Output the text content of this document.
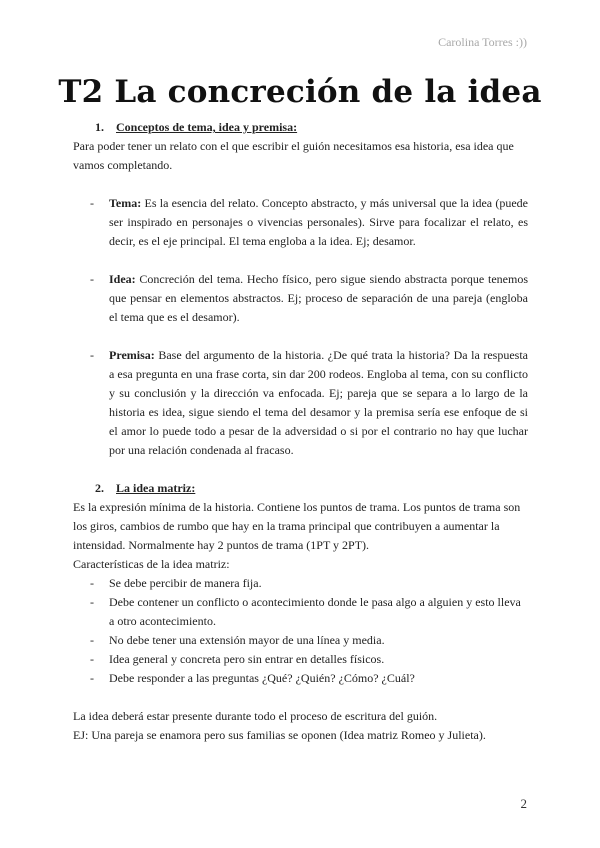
Carolina Torres :))
T2 La concreción de la idea
1. Conceptos de tema, idea y premisa:

Para poder tener un relato con el que escribir el guión necesitamos esa historia, esa idea que vamos completando.

- Tema: Es la esencia del relato. Concepto abstracto, y más universal que la idea (puede ser inspirado en personajes o vivencias personales). Sirve para focalizar el relato, es decir, es el eje principal. El tema engloba a la idea. Ej; desamor.
- Idea: Concreción del tema. Hecho físico, pero sigue siendo abstracta porque tenemos que pensar en elementos abstractos. Ej; proceso de separación de una pareja (engloba el tema que es el desamor).
- Premisa: Base del argumento de la historia. ¿De qué trata la historia? Da la respuesta a esa pregunta en una frase corta, sin dar 200 rodeos. Engloba al tema, con su conflicto y su conclusión y la dirección va enfocada. Ej; pareja que se separa a lo largo de la historia es idea, sigue siendo el tema del desamor y la premisa sería ese enfoque de si el amor lo puede todo a pesar de la adversidad o si por el contrario no hay que luchar por una relación condenada al fracaso.
2. La idea matriz:

Es la expresión mínima de la historia. Contiene los puntos de trama. Los puntos de trama son los giros, cambios de rumbo que hay en la trama principal que contribuyen a aumentar la intensidad. Normalmente hay 2 puntos de trama (1PT y 2PT).

Características de la idea matriz:

- Se debe percibir de manera fija.
- Debe contener un conflicto o acontecimiento donde le pasa algo a alguien y esto lleva a otro acontecimiento.
- No debe tener una extensión mayor de una línea y media.
- Idea general y concreta pero sin entrar en detalles físicos.
- Debe responder a las preguntas ¿Qué? ¿Quién? ¿Cómo? ¿Cuál?

La idea deberá estar presente durante todo el proceso de escritura del guión.

EJ: Una pareja se enamora pero sus familias se oponen (Idea matriz Romeo y Julieta).

2
